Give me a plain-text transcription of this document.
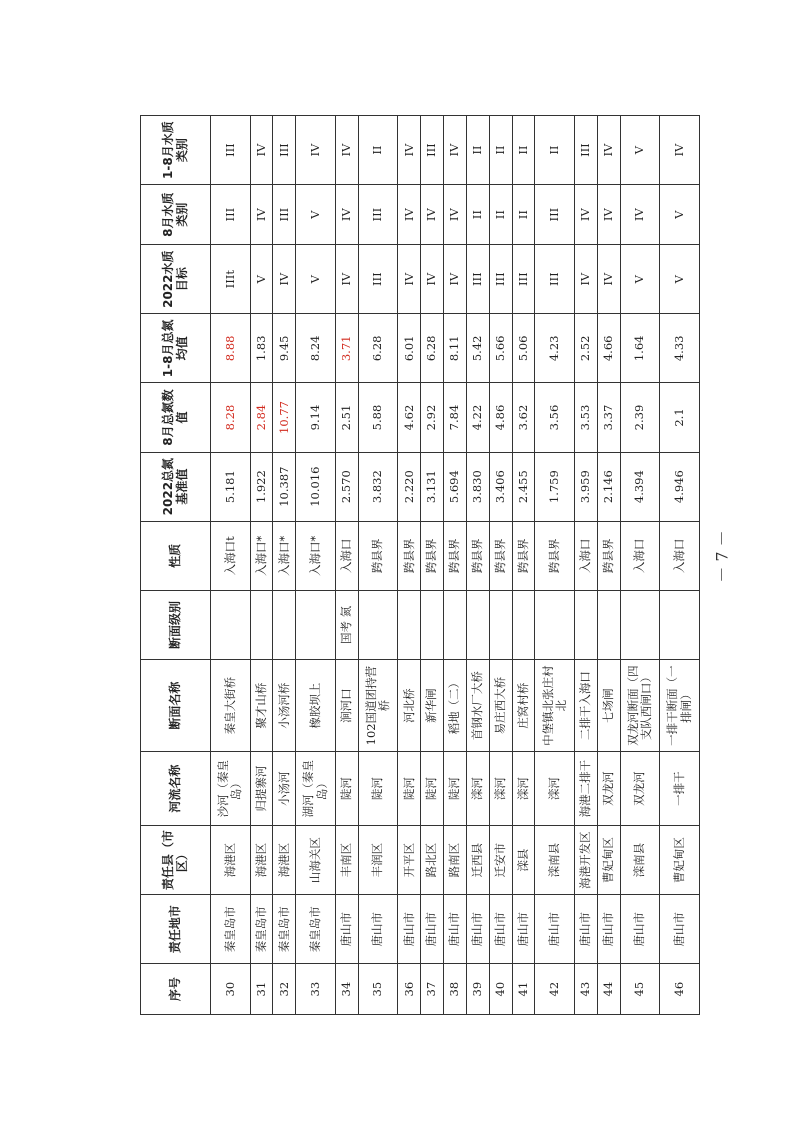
序号	责任地市	责任县（市区）	河流名称	断面名称	断面级别	性质	2022总氮基准值	8月总氮数值	1-8月总氮均值	2022水质目标	8月水质类别	1-8月水质类别
30	秦皇岛市	海港区	沙河（秦皇岛）	秦皇大街桥		入海口t	5.181	8.28	8.88	IIIt	III	III
31	秦皇岛市	海港区	归提寨河	聚才山桥		入海口*	1.922	2.84	1.83	V	IV	IV
32	秦皇岛市	海港区	小汤河	小汤河桥		入海口*	10.387	10.77	9.45	IV	III	III
33	秦皇岛市	山海关区	湖河（秦皇岛）	橡胶坝上		入海口*	10.016	9.14	8.24	V	V	IV
34	唐山市	丰南区	陡河	涧河口	国考 氮	入海口	2.570	2.51	3.71	IV	IV	IV
35	唐山市	丰润区	陡河	102国道团持营桥		跨县界	3.832	5.88	6.28	III	III	II
36	唐山市	开平区	陡河	河北桥		跨县界	2.220	4.62	6.01	IV	IV	IV
37	唐山市	路北区	陡河	新华闸		跨县界	3.131	2.92	6.28	IV	IV	III
38	唐山市	路南区	陡河	稻地（二）		跨县界	5.694	7.84	8.11	IV	IV	IV
39	唐山市	迁西县	滦河	首钢水厂大桥		跨县界	3.830	4.22	5.42	III	II	II
40	唐山市	迁安市	滦河	易庄西大桥		跨县界	3.406	4.86	5.66	III	II	II
41	唐山市	滦县	滦河	庄窝村桥		跨县界	2.455	3.62	5.06	III	II	II
42	唐山市	滦南县	滦河	中堡镇北张庄村北		跨县界	1.759	3.56	4.23	III	III	II
43	唐山市	海港开发区	海港二排干	二排干入海口		入海口	3.959	3.53	2.52	IV	IV	III
44	唐山市	曹妃甸区	双龙河	七场闸		跨县界	2.146	3.37	4.66	IV	IV	IV
45	唐山市	滦南县	双龙河	双龙河断面（四支队西闸口）		入海口	4.394	2.39	1.64	V	IV	V
46	唐山市	曹妃甸区	一排干	一排干断面（一排闸）		入海口	4.946	2.1	4.33	V	V	IV
－ 7 －
